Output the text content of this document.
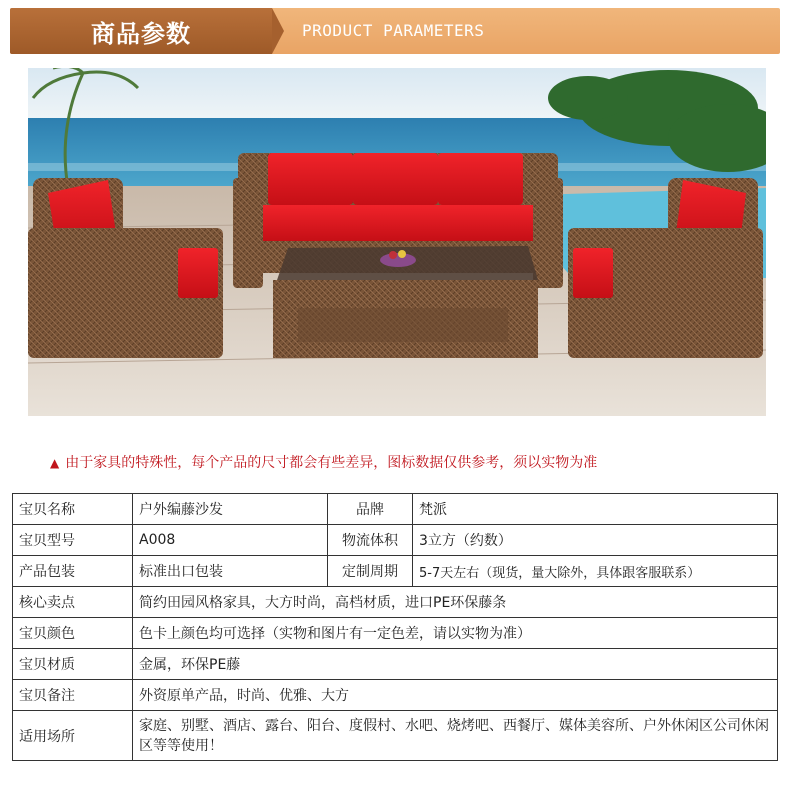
商品参数	PRODUCT PARAMETERS
▲ 由于家具的特殊性，每个产品的尺寸都会有些差异，图标数据仅供参考，须以实物为准
宝贝名称	户外编藤沙发	品牌	梵派
宝贝型号	A008	物流体积	3立方（约数）
产品包装	标准出口包装	定制周期	5-7天左右（现货，量大除外，具体跟客服联系）
核心卖点	简约田园风格家具，大方时尚，高档材质，进口PE环保藤条		
宝贝颜色	色卡上颜色均可选择（实物和图片有一定色差，请以实物为准）		
宝贝材质	金属，环保PE藤		
宝贝备注	外资原单产品，时尚、优雅、大方		
适用场所	家庭、别墅、酒店、露台、阳台、度假村、水吧、烧烤吧、西餐厅、媒体美容所、户外休闲区公司休闲区等等使用！		
